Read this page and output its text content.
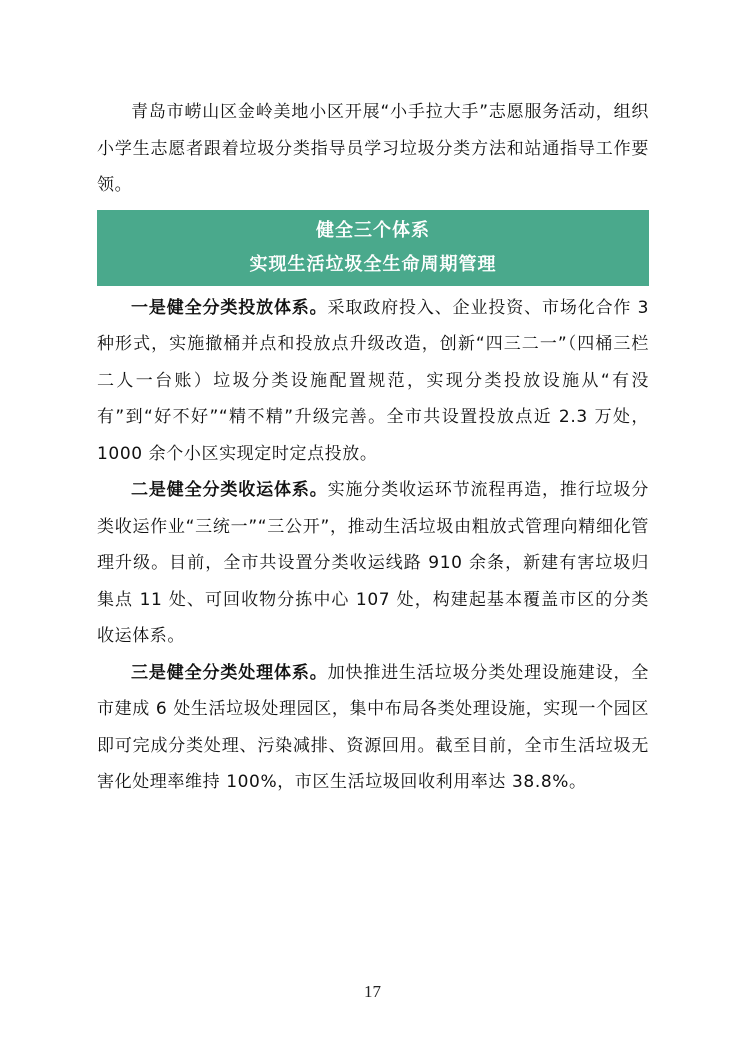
青岛市崂山区金岭美地小区开展“小手拉大手”志愿服务活动，组织小学生志愿者跟着垃圾分类指导员学习垃圾分类方法和站通指导工作要领。

健全三个体系
实现生活垃圾全生命周期管理

一是健全分类投放体系。采取政府投入、企业投资、市场化合作 3 种形式，实施撤桶并点和投放点升级改造，创新“四三二一”（四桶三栏二人一台账）垃圾分类设施配置规范，实现分类投放设施从“有没有”到“好不好”“精不精”升级完善。全市共设置投放点近 2.3 万处，1000 余个小区实现定时定点投放。

二是健全分类收运体系。实施分类收运环节流程再造，推行垃圾分类收运作业“三统一”“三公开”，推动生活垃圾由粗放式管理向精细化管理升级。目前，全市共设置分类收运线路 910 余条，新建有害垃圾归集点 11 处、可回收物分拣中心 107 处，构建起基本覆盖市区的分类收运体系。

三是健全分类处理体系。加快推进生活垃圾分类处理设施建设，全市建成 6 处生活垃圾处理园区，集中布局各类处理设施，实现一个园区即可完成分类处理、污染减排、资源回用。截至目前，全市生活垃圾无害化处理率维持 100%，市区生活垃圾回收利用率达 38.8%。

17
